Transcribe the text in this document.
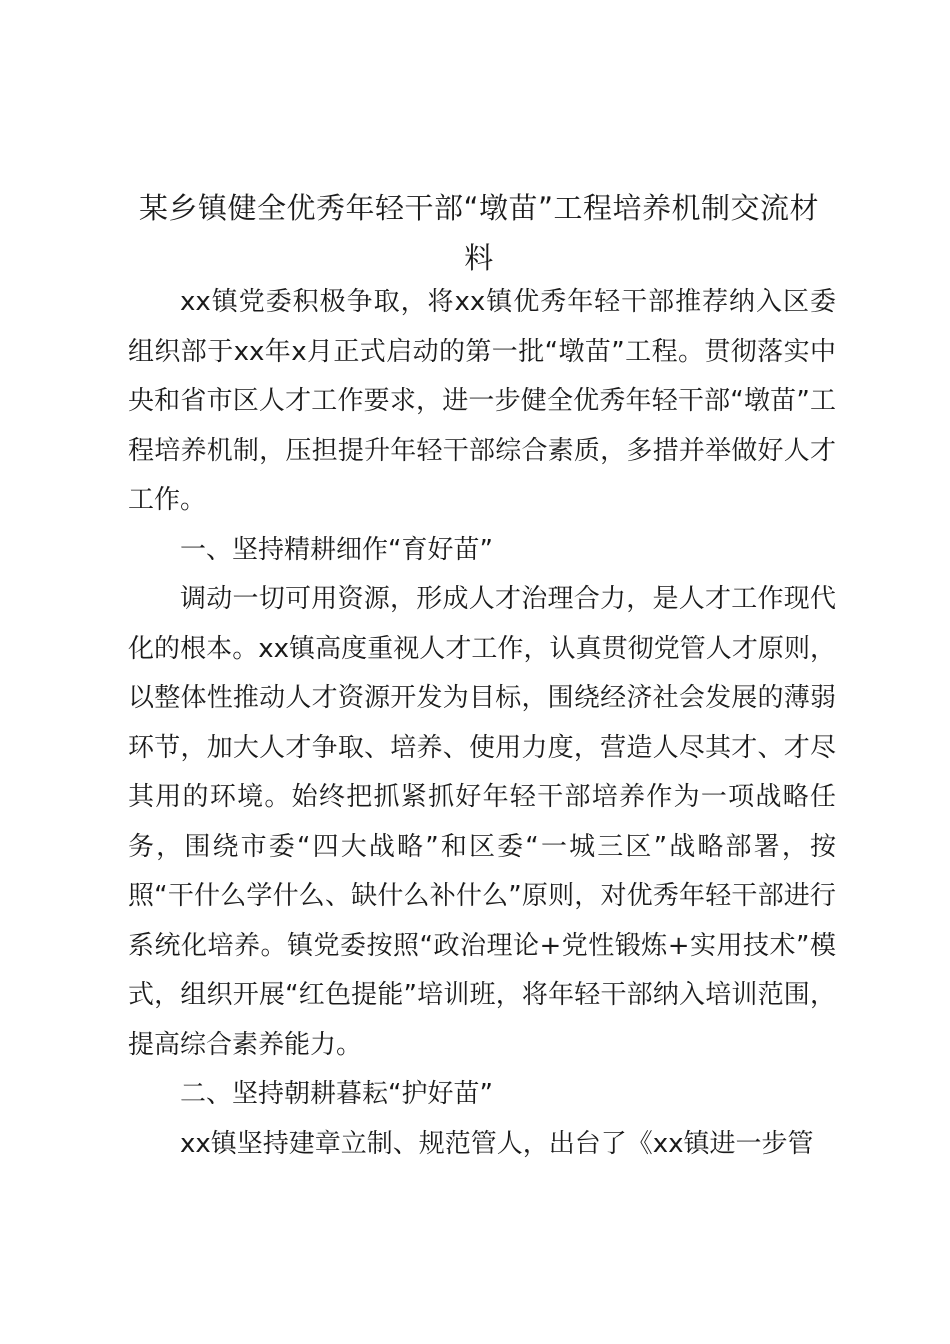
某乡镇健全优秀年轻干部“墩苗”工程培养机制交流材料

xx镇党委积极争取，将xx镇优秀年轻干部推荐纳入区委组织部于xx年x月正式启动的第一批“墩苗”工程。贯彻落实中央和省市区人才工作要求，进一步健全优秀年轻干部“墩苗”工程培养机制，压担提升年轻干部综合素质，多措并举做好人才工作。

一、坚持精耕细作“育好苗”

调动一切可用资源，形成人才治理合力，是人才工作现代化的根本。xx镇高度重视人才工作，认真贯彻党管人才原则，以整体性推动人才资源开发为目标，围绕经济社会发展的薄弱环节，加大人才争取、培养、使用力度，营造人尽其才、才尽其用的环境。始终把抓紧抓好年轻干部培养作为一项战略任务，围绕市委“四大战略”和区委“一城三区”战略部署，按照“干什么学什么、缺什么补什么”原则，对优秀年轻干部进行系统化培养。镇党委按照“政治理论+党性锻炼+实用技术”模式，组织开展“红色提能”培训班，将年轻干部纳入培训范围，提高综合素养能力。

二、坚持朝耕暮耘“护好苗”

xx镇坚持建章立制、规范管人，出台了《xx镇进一步管
